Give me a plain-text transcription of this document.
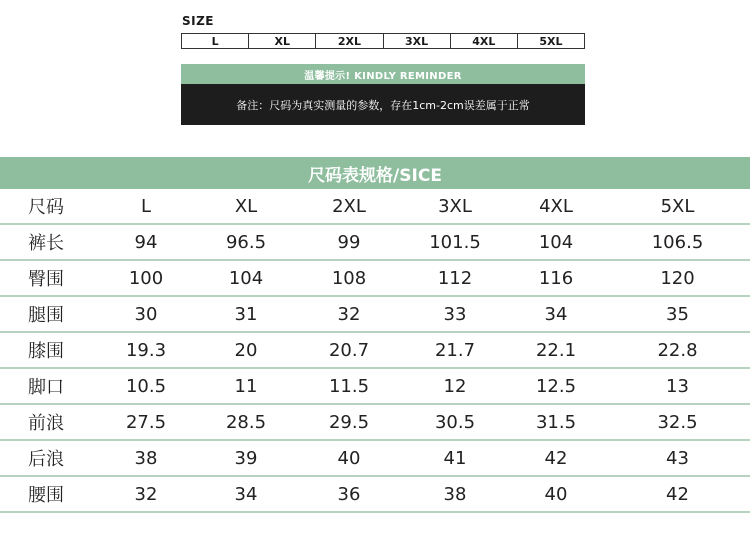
SIZE
L	XL	2XL	3XL	4XL	5XL
温馨提示! KINDLY REMINDER
备注：尺码为真实测量的参数，存在1cm-2cm误差属于正常
尺码表规格/SICE
尺码	L	XL	2XL	3XL	4XL	5XL
裤长	94	96.5	99	101.5	104	106.5
臀围	100	104	108	112	116	120
腿围	30	31	32	33	34	35
膝围	19.3	20	20.7	21.7	22.1	22.8
脚口	10.5	11	11.5	12	12.5	13
前浪	27.5	28.5	29.5	30.5	31.5	32.5
后浪	38	39	40	41	42	43
腰围	32	34	36	38	40	42
